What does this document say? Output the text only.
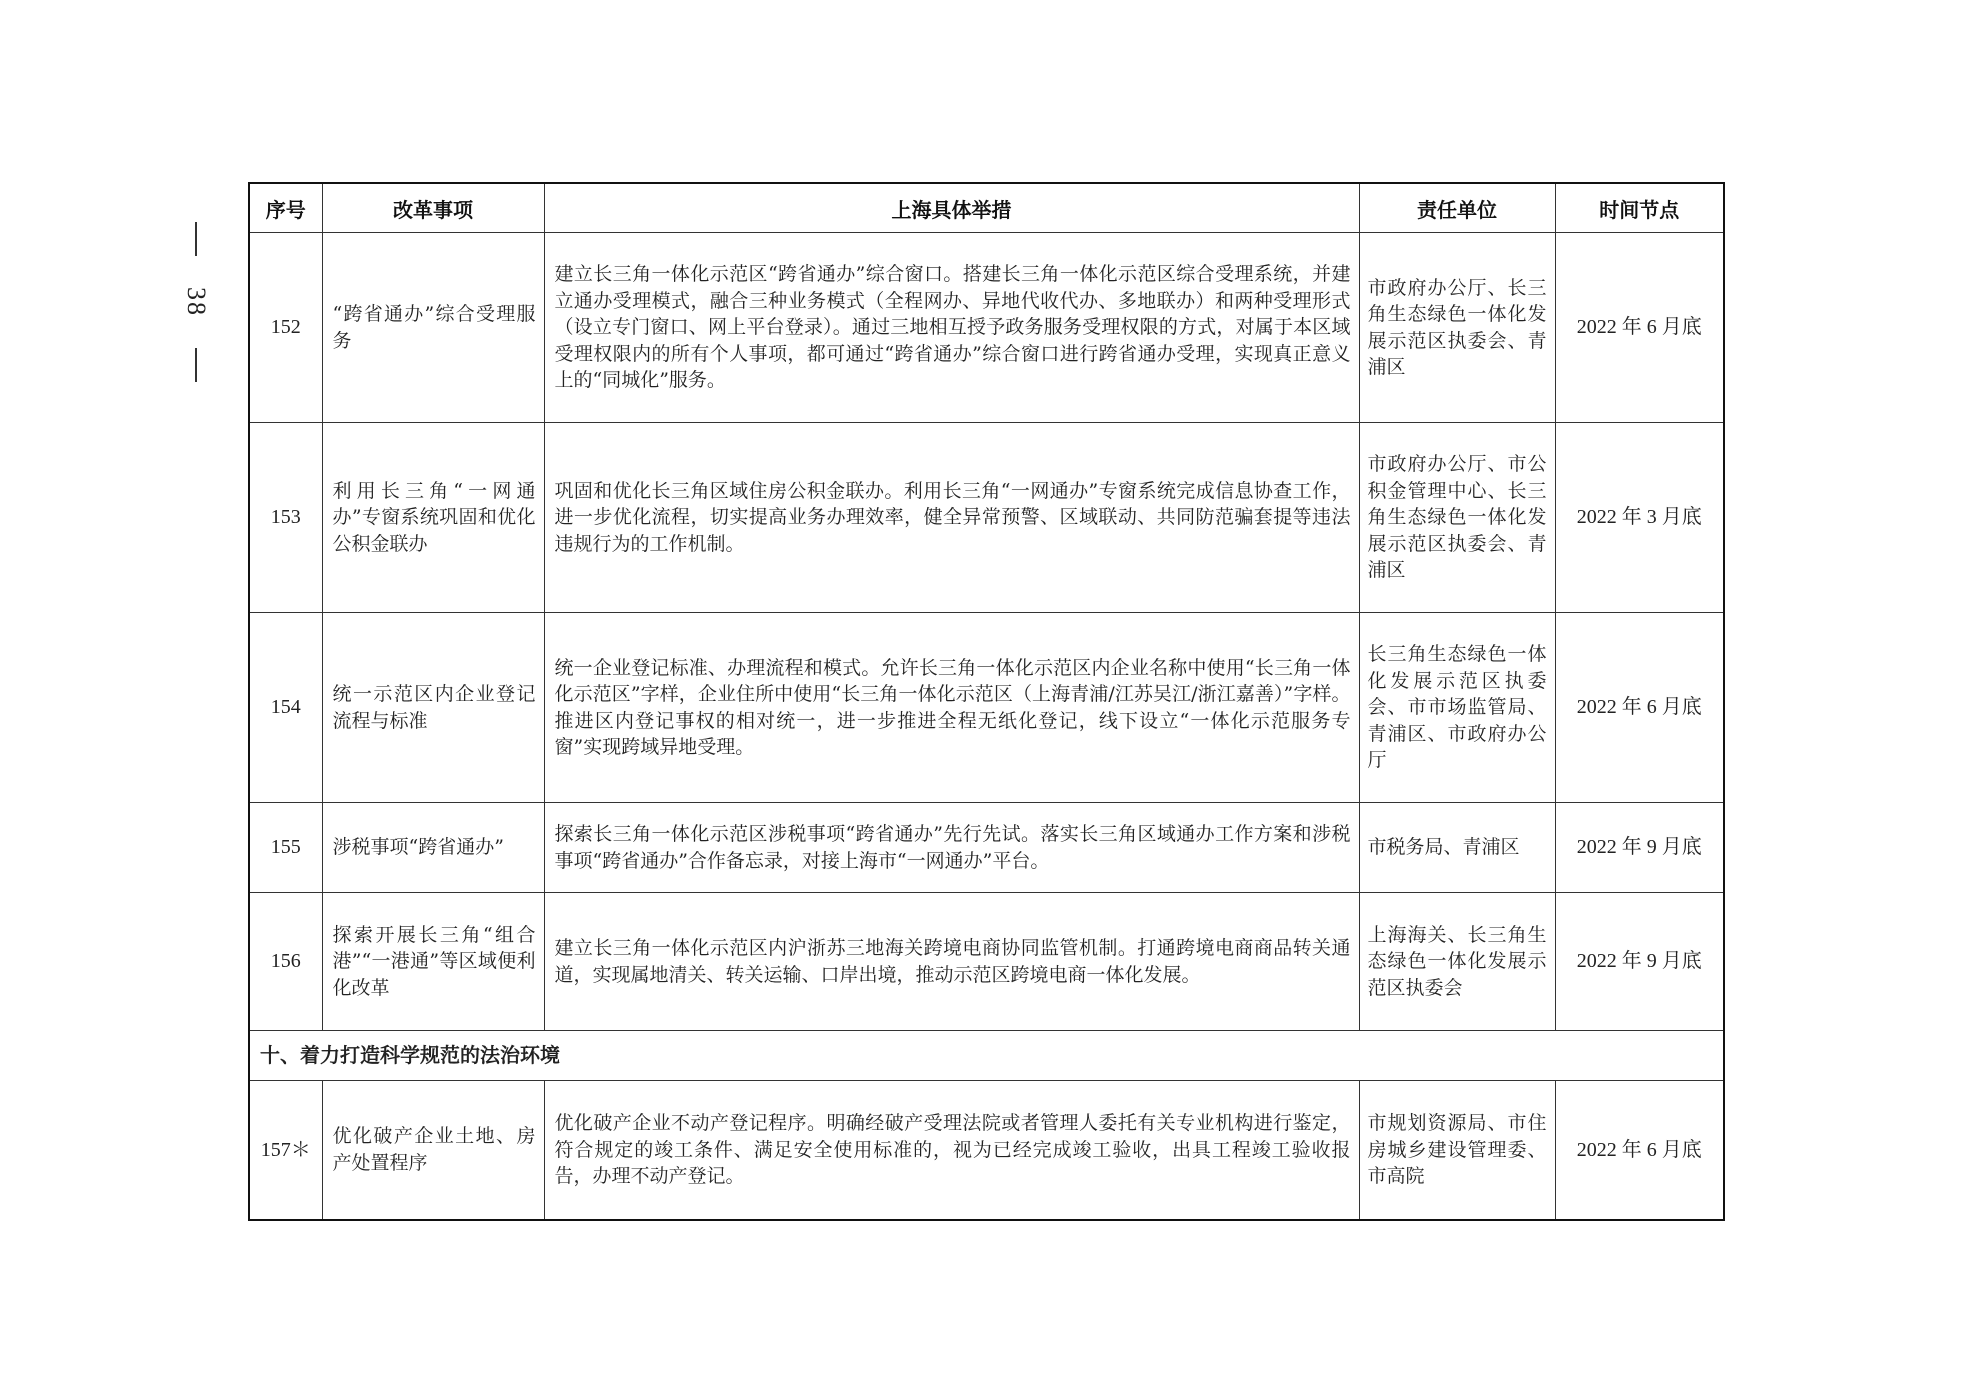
38
序号	改革事项	上海具体举措	责任单位	时间节点
152	“跨省通办”综合受理服务	建立长三角一体化示范区“跨省通办”综合窗口。搭建长三角一体化示范区综合受理系统，并建立通办受理模式，融合三种业务模式（全程网办、异地代收代办、多地联办）和两种受理形式（设立专门窗口、网上平台登录）。通过三地相互授予政务服务受理权限的方式，对属于本区域受理权限内的所有个人事项，都可通过“跨省通办”综合窗口进行跨省通办受理，实现真正意义上的“同城化”服务。	市政府办公厅、长三角生态绿色一体化发展示范区执委会、青浦区	2022 年 6 月底
153	利用长三角“一网通办”专窗系统巩固和优化公积金联办	巩固和优化长三角区域住房公积金联办。利用长三角“一网通办”专窗系统完成信息协查工作，进一步优化流程，切实提高业务办理效率，健全异常预警、区域联动、共同防范骗套提等违法违规行为的工作机制。	市政府办公厅、市公积金管理中心、长三角生态绿色一体化发展示范区执委会、青浦区	2022 年 3 月底
154	统一示范区内企业登记流程与标准	统一企业登记标准、办理流程和模式。允许长三角一体化示范区内企业名称中使用“长三角一体化示范区”字样，企业住所中使用“长三角一体化示范区（上海青浦/江苏吴江/浙江嘉善）”字样。推进区内登记事权的相对统一，进一步推进全程无纸化登记，线下设立“一体化示范服务专窗”实现跨域异地受理。	长三角生态绿色一体化发展示范区执委会、市市场监管局、青浦区、市政府办公厅	2022 年 6 月底
155	涉税事项“跨省通办”	探索长三角一体化示范区涉税事项“跨省通办”先行先试。落实长三角区域通办工作方案和涉税事项“跨省通办”合作备忘录，对接上海市“一网通办”平台。	市税务局、青浦区	2022 年 9 月底
156	探索开展长三角“组合港”“一港通”等区域便利化改革	建立长三角一体化示范区内沪浙苏三地海关跨境电商协同监管机制。打通跨境电商商品转关通道，实现属地清关、转关运输、口岸出境，推动示范区跨境电商一体化发展。	上海海关、长三角生态绿色一体化发展示范区执委会	2022 年 9 月底
十、着力打造科学规范的法治环境				
157＊	优化破产企业土地、房产处置程序	优化破产企业不动产登记程序。明确经破产受理法院或者管理人委托有关专业机构进行鉴定，符合规定的竣工条件、满足安全使用标准的，视为已经完成竣工验收，出具工程竣工验收报告，办理不动产登记。	市规划资源局、市住房城乡建设管理委、市高院	2022 年 6 月底
